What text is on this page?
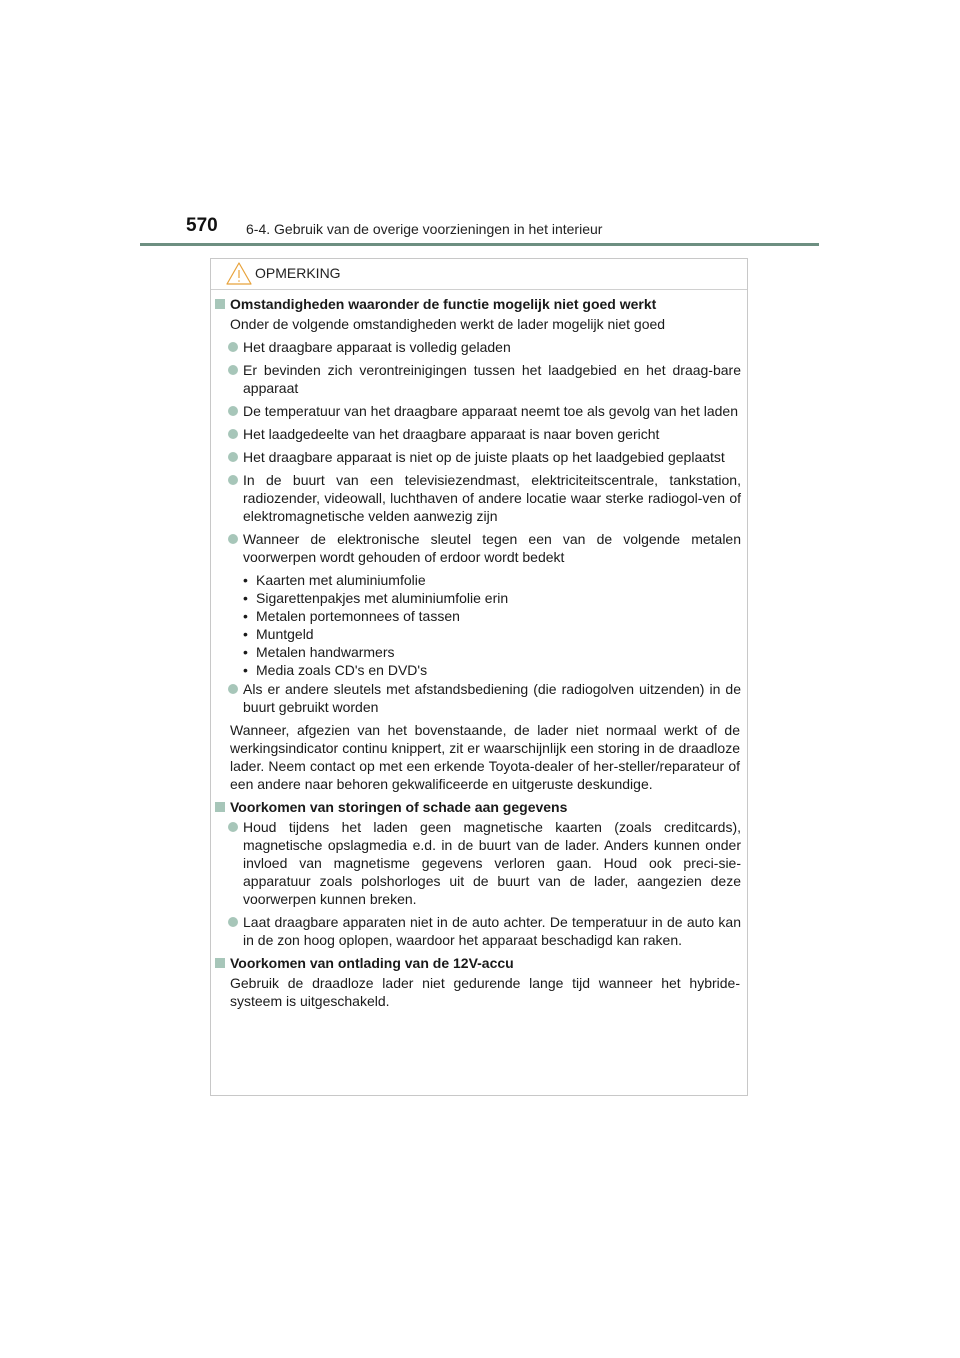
570 6-4. Gebruik van de overige voorzieningen in het interieur
OPMERKING
Omstandigheden waaronder de functie mogelijk niet goed werkt
Onder de volgende omstandigheden werkt de lader mogelijk niet goed
Het draagbare apparaat is volledig geladen
Er bevinden zich verontreinigingen tussen het laadgebied en het draag-bare apparaat
De temperatuur van het draagbare apparaat neemt toe als gevolg van het laden
Het laadgedeelte van het draagbare apparaat is naar boven gericht
Het draagbare apparaat is niet op de juiste plaats op het laadgebied geplaatst
In de buurt van een televisiezendmast, elektriciteitscentrale, tankstation, radiozender, videowall, luchthaven of andere locatie waar sterke radiogol-ven of elektromagnetische velden aanwezig zijn
Wanneer de elektronische sleutel tegen een van de volgende metalen voorwerpen wordt gehouden of erdoor wordt bedekt
• Kaarten met aluminiumfolie
• Sigarettenpakjes met aluminiumfolie erin
• Metalen portemonnees of tassen
• Muntgeld
• Metalen handwarmers
• Media zoals CD's en DVD's
Als er andere sleutels met afstandsbediening (die radiogolven uitzenden) in de buurt gebruikt worden
Wanneer, afgezien van het bovenstaande, de lader niet normaal werkt of de werkingsindicator continu knippert, zit er waarschijnlijk een storing in de draadloze lader. Neem contact op met een erkende Toyota-dealer of her-steller/reparateur of een andere naar behoren gekwalificeerde en uitgeruste deskundige.
Voorkomen van storingen of schade aan gegevens
Houd tijdens het laden geen magnetische kaarten (zoals creditcards), magnetische opslagmedia e.d. in de buurt van de lader. Anders kunnen onder invloed van magnetisme gegevens verloren gaan. Houd ook preci-sie-apparatuur zoals polshorloges uit de buurt van de lader, aangezien deze voorwerpen kunnen breken.
Laat draagbare apparaten niet in de auto achter. De temperatuur in de auto kan in de zon hoog oplopen, waardoor het apparaat beschadigd kan raken.
Voorkomen van ontlading van de 12V-accu
Gebruik de draadloze lader niet gedurende lange tijd wanneer het hybride-systeem is uitgeschakeld.
